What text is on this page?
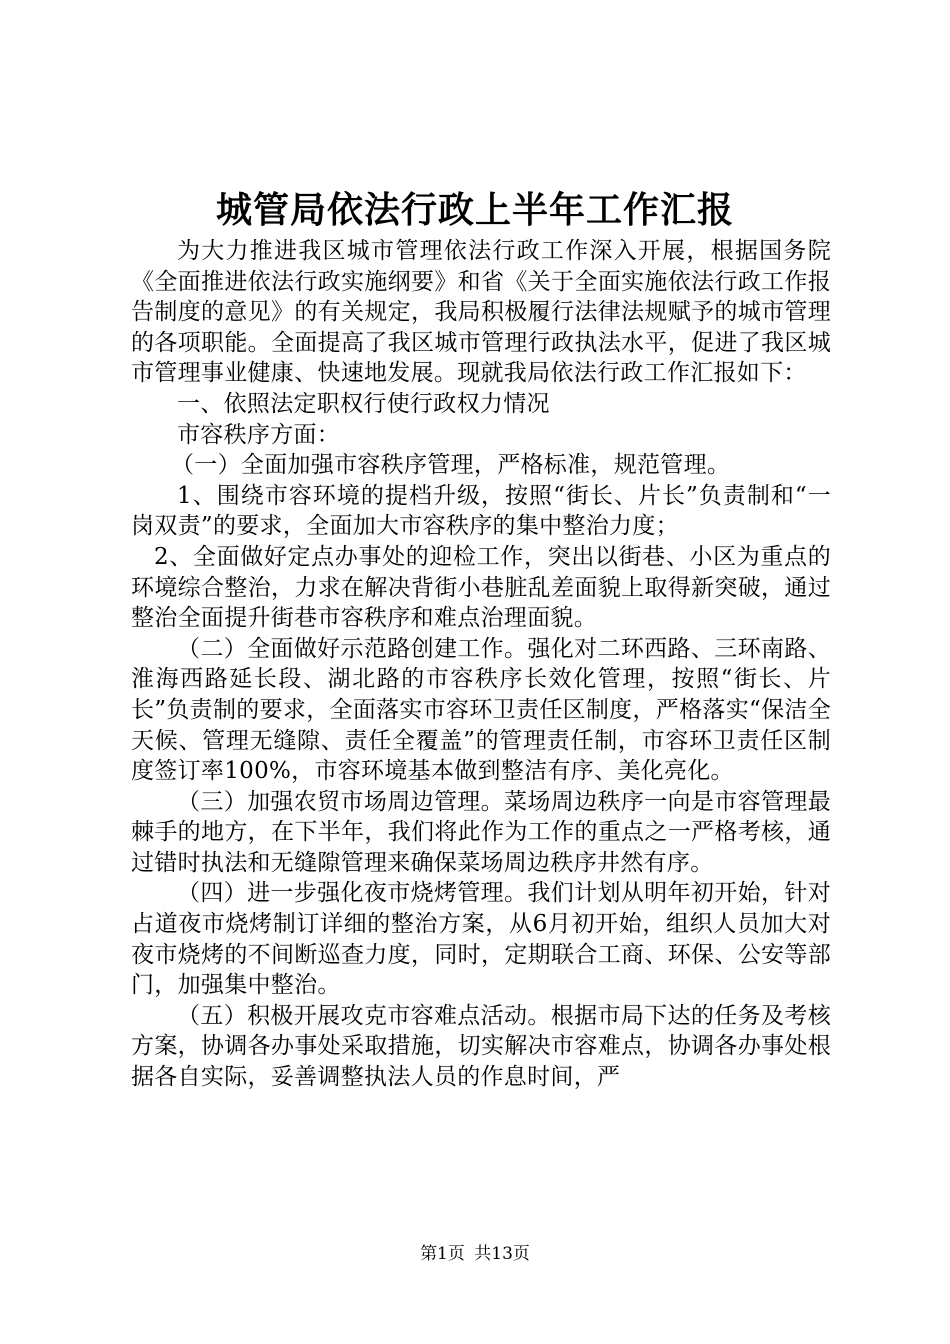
城管局依法行政上半年工作汇报

为大力推进我区城市管理依法行政工作深入开展，根据国务院《全面推进依法行政实施纲要》和省《关于全面实施依法行政工作报告制度的意见》的有关规定，我局积极履行法律法规赋予的城市管理的各项职能。全面提高了我区城市管理行政执法水平，促进了我区城市管理事业健康、快速地发展。现就我局依法行政工作汇报如下：

一、依照法定职权行使行政权力情况

市容秩序方面：

（一）全面加强市容秩序管理，严格标准，规范管理。

1、围绕市容环境的提档升级，按照“街长、片长”负责制和“一岗双责”的要求，全面加大市容秩序的集中整治力度；

2、全面做好定点办事处的迎检工作，突出以街巷、小区为重点的环境综合整治，力求在解决背街小巷脏乱差面貌上取得新突破，通过整治全面提升街巷市容秩序和难点治理面貌。

（二）全面做好示范路创建工作。强化对二环西路、三环南路、淮海西路延长段、湖北路的市容秩序长效化管理，按照“街长、片长”负责制的要求，全面落实市容环卫责任区制度，严格落实“保洁全天候、管理无缝隙、责任全覆盖”的管理责任制，市容环卫责任区制度签订率100%，市容环境基本做到整洁有序、美化亮化。

（三）加强农贸市场周边管理。菜场周边秩序一向是市容管理最棘手的地方，在下半年，我们将此作为工作的重点之一严格考核，通过错时执法和无缝隙管理来确保菜场周边秩序井然有序。

（四）进一步强化夜市烧烤管理。我们计划从明年初开始，针对占道夜市烧烤制订详细的整治方案，从6月初开始，组织人员加大对夜市烧烤的不间断巡查力度，同时，定期联合工商、环保、公安等部门，加强集中整治。

（五）积极开展攻克市容难点活动。根据市局下达的任务及考核方案，协调各办事处采取措施，切实解决市容难点，协调各办事处根据各自实际，妥善调整执法人员的作息时间，严

第1页 共13页
